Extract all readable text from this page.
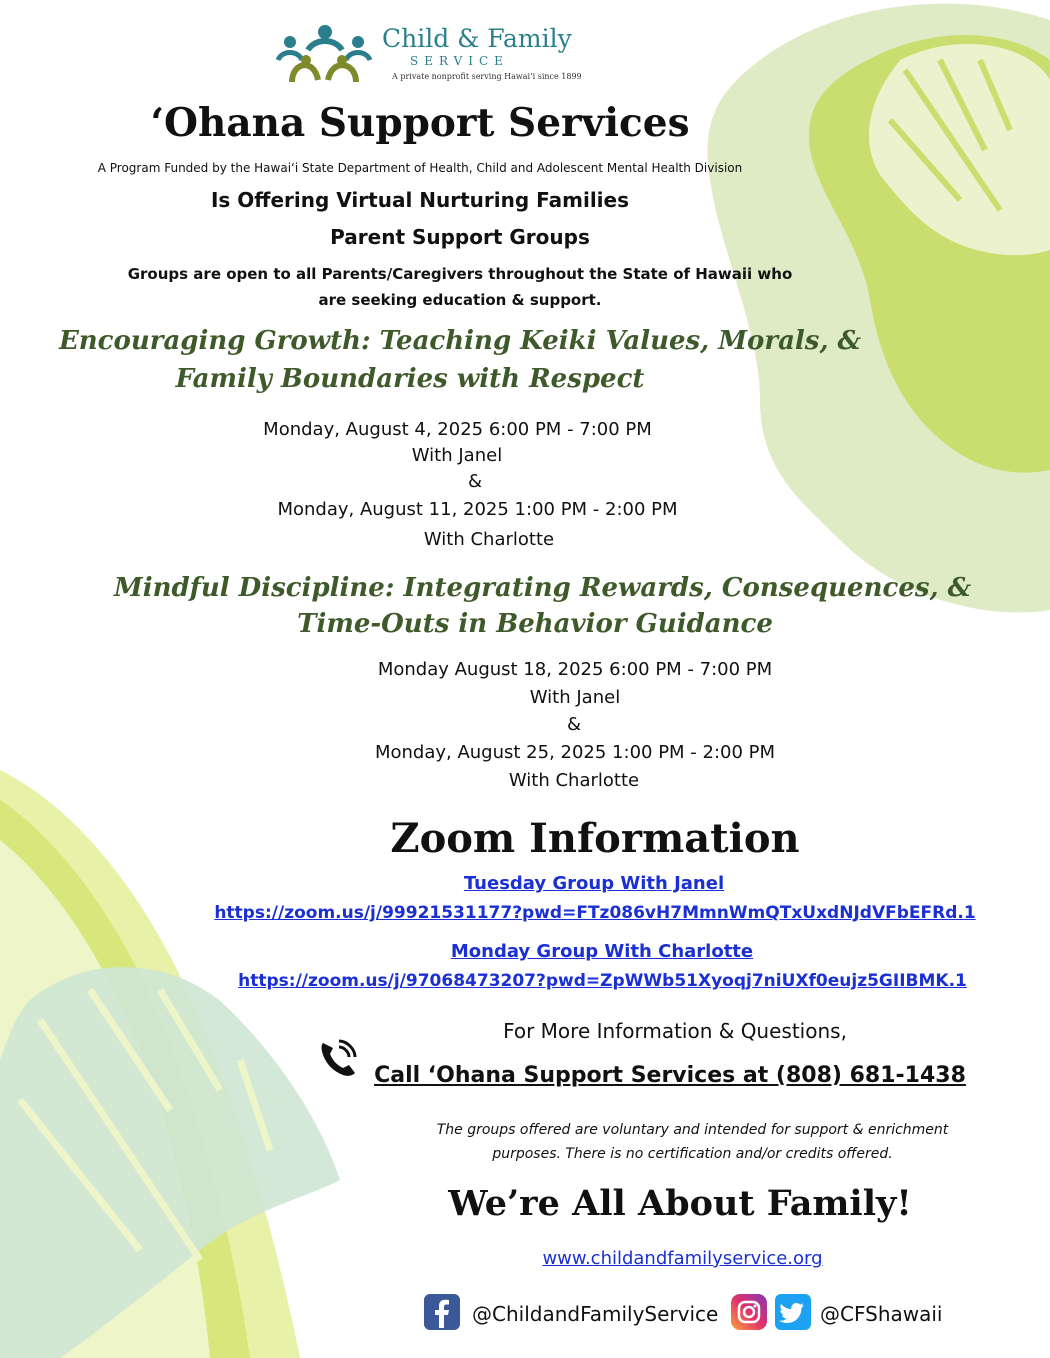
Child & Family
SERVICE
A private nonprofit serving Hawai‘i since 1899
‘Ohana Support Services
A Program Funded by the Hawai‘i State Department of Health, Child and Adolescent Mental Health Division
Is Offering Virtual Nurturing Families
Parent Support Groups
Groups are open to all Parents/Caregivers throughout the State of Hawaii who
are seeking education & support.
Encouraging Growth: Teaching Keiki Values, Morals, &
Family Boundaries with Respect
Monday, August 4, 2025 6:00 PM - 7:00 PM
With Janel
&
Monday, August 11, 2025 1:00 PM - 2:00 PM
With Charlotte
Mindful Discipline: Integrating Rewards, Consequences, &
Time-Outs in Behavior Guidance
Monday August 18, 2025 6:00 PM - 7:00 PM
With Janel
&
Monday, August 25, 2025 1:00 PM - 2:00 PM
With Charlotte
Zoom Information
Tuesday Group With Janel
https://zoom.us/j/99921531177?pwd=FTz086vH7MmnWmQTxUxdNJdVFbEFRd.1
Monday Group With Charlotte
https://zoom.us/j/97068473207?pwd=ZpWWb51Xyoqj7niUXf0eujz5GIIBMK.1
For More Information & Questions,
Call ‘Ohana Support Services at (808) 681-1438
The groups offered are voluntary and intended for support & enrichment
purposes. There is no certification and/or credits offered.
We’re All About Family!
www.childandfamilyservice.org
@ChildandFamilyService	@CFShawaii
